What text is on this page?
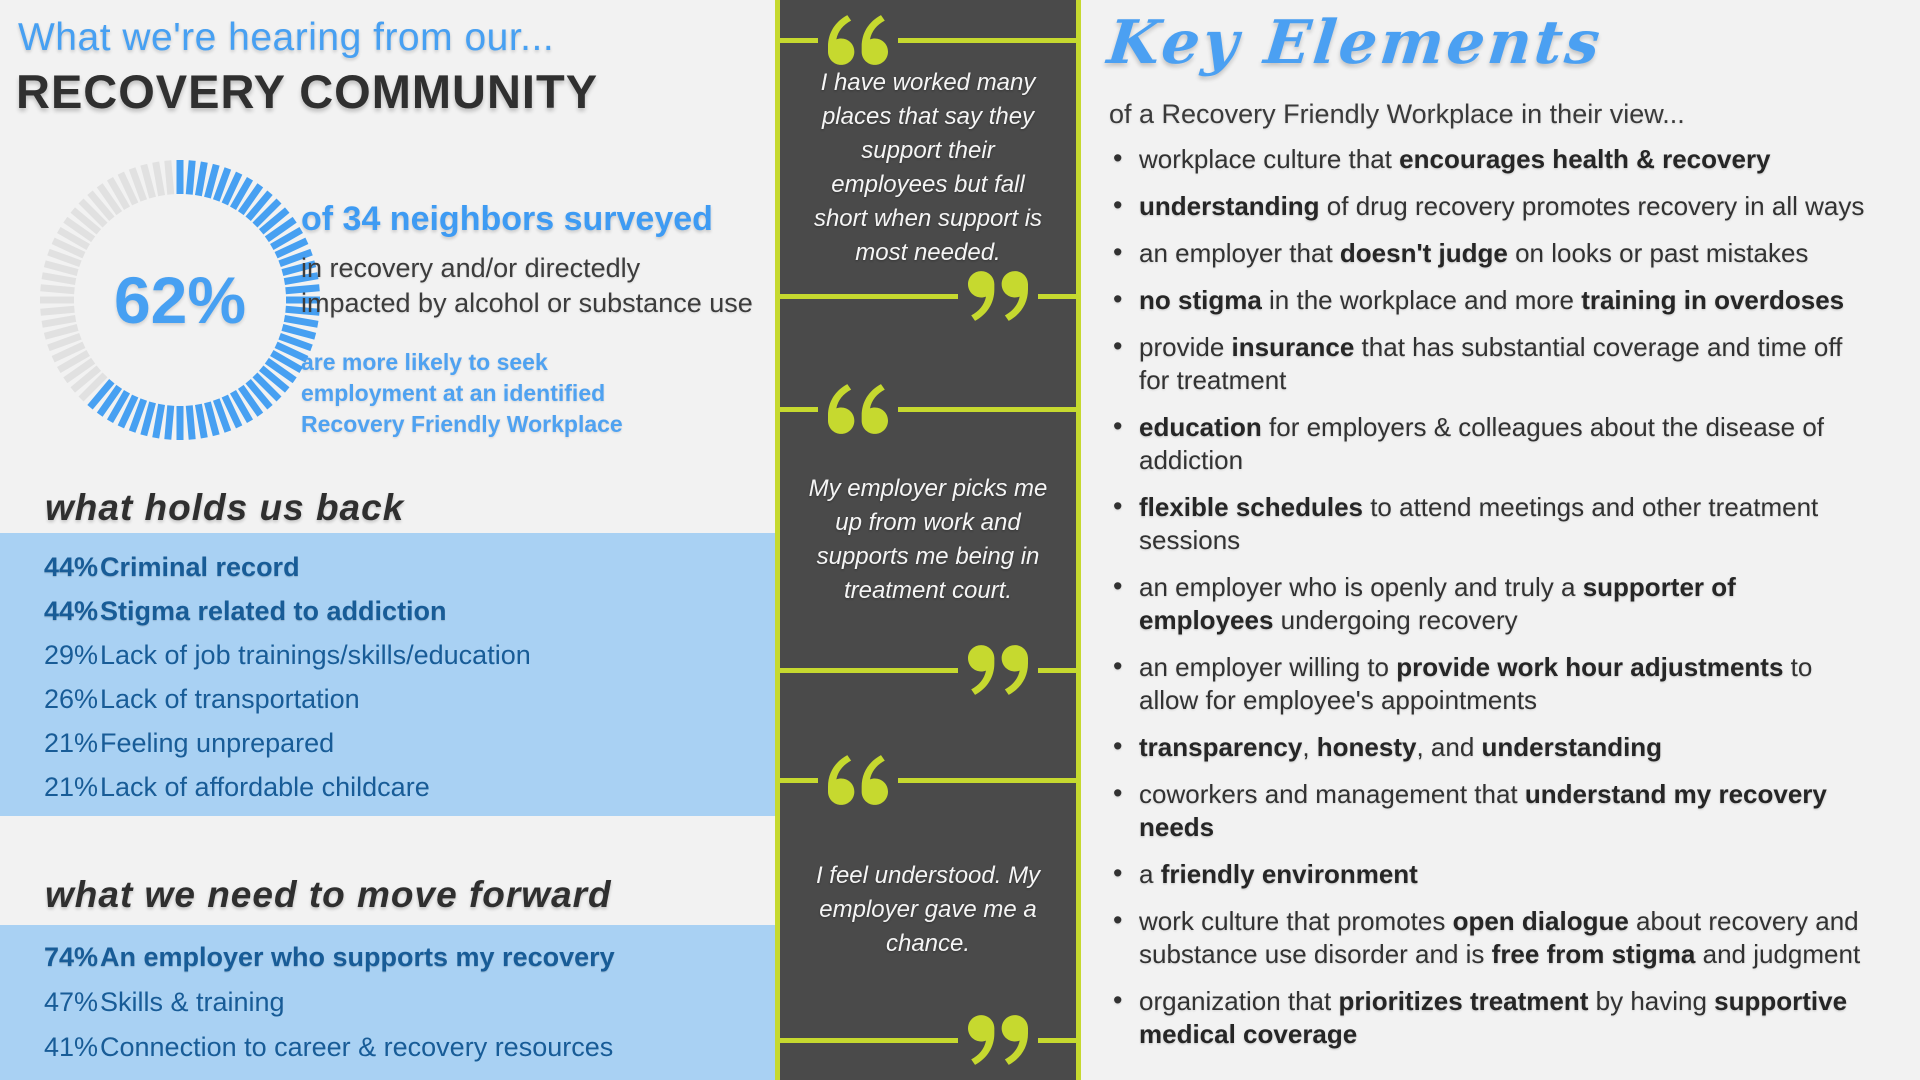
What we're hearing from our...
RECOVERY COMMUNITY
62%
of 34 neighbors surveyed
in recovery and/or directedly
impacted by alcohol or substance use
are more likely to seek
employment at an identified
Recovery Friendly Workplace
what holds us back
44% Criminal record
44% Stigma related to addiction
29% Lack of job trainings/skills/education
26% Lack of transportation
21% Feeling unprepared
21% Lack of affordable childcare
what we need to move forward
74% An employer who supports my recovery
47% Skills & training
41% Connection to career & recovery resources
I have worked many
places that say they
support their
employees but fall
short when support is
most needed.
My employer picks me
up from work and
supports me being in
treatment court.
I feel understood. My
employer gave me a
chance.
Key Elements
of a Recovery Friendly Workplace in their view...
• workplace culture that encourages health & recovery
• understanding of drug recovery promotes recovery in all ways
• an employer that doesn't judge on looks or past mistakes
• no stigma in the workplace and more training in overdoses
• provide insurance that has substantial coverage and time off for treatment
• education for employers & colleagues about the disease of addiction
• flexible schedules to attend meetings and other treatment sessions
• an employer who is openly and truly a supporter of employees undergoing recovery
• an employer willing to provide work hour adjustments to allow for employee's appointments
• transparency, honesty, and understanding
• coworkers and management that understand my recovery needs
• a friendly environment
• work culture that promotes open dialogue about recovery and substance use disorder and is free from stigma and judgment
• organization that prioritizes treatment by having supportive medical coverage
